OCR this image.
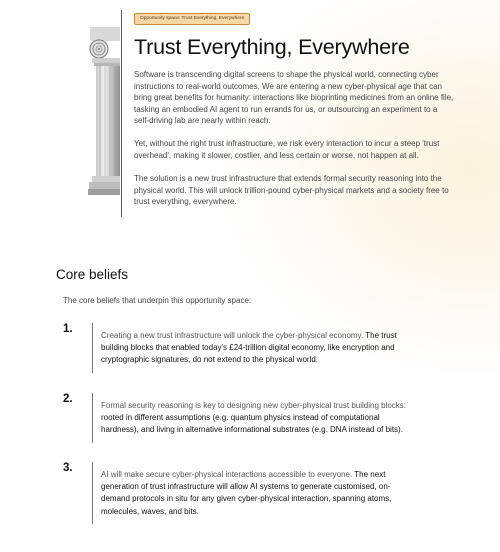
Opportunity space: Trust Everything, Everywhere
Trust Everything, Everywhere

Software is transcending digital screens to shape the physical world, connecting cyber instructions to real-world outcomes. We are entering a new cyber-physical age that can bring great benefits for humanity: interactions like bioprinting medicines from an online file, tasking an embodied AI agent to run errands for us, or outsourcing an experiment to a self-driving lab are nearly within reach.

Yet, without the right trust infrastructure, we risk every interaction to incur a steep 'trust overhead', making it slower, costlier, and less certain or worse, not happen at all.

The solution is a new trust infrastructure that extends formal security reasoning into the physical world. This will unlock trillion-pound cyber-physical markets and a society free to trust everything, everywhere.

Core beliefs

The core beliefs that underpin this opportunity space:

1.

Creating a new trust infrastructure will unlock the cyber-physical economy. The trust building blocks that enabled today's £24-trillion digital economy, like encryption and cryptographic signatures, do not extend to the physical world.

2.

Formal security reasoning is key to designing new cyber-physical trust building blocks: rooted in different assumptions (e.g. quantum physics instead of computational hardness), and living in alternative informational substrates (e.g. DNA instead of bits).

3.

AI will make secure cyber-physical interactions accessible to everyone. The next generation of trust infrastructure will allow AI systems to generate customised, on-demand protocols in situ for any given cyber-physical interaction, spanning atoms, molecules, waves, and bits.
